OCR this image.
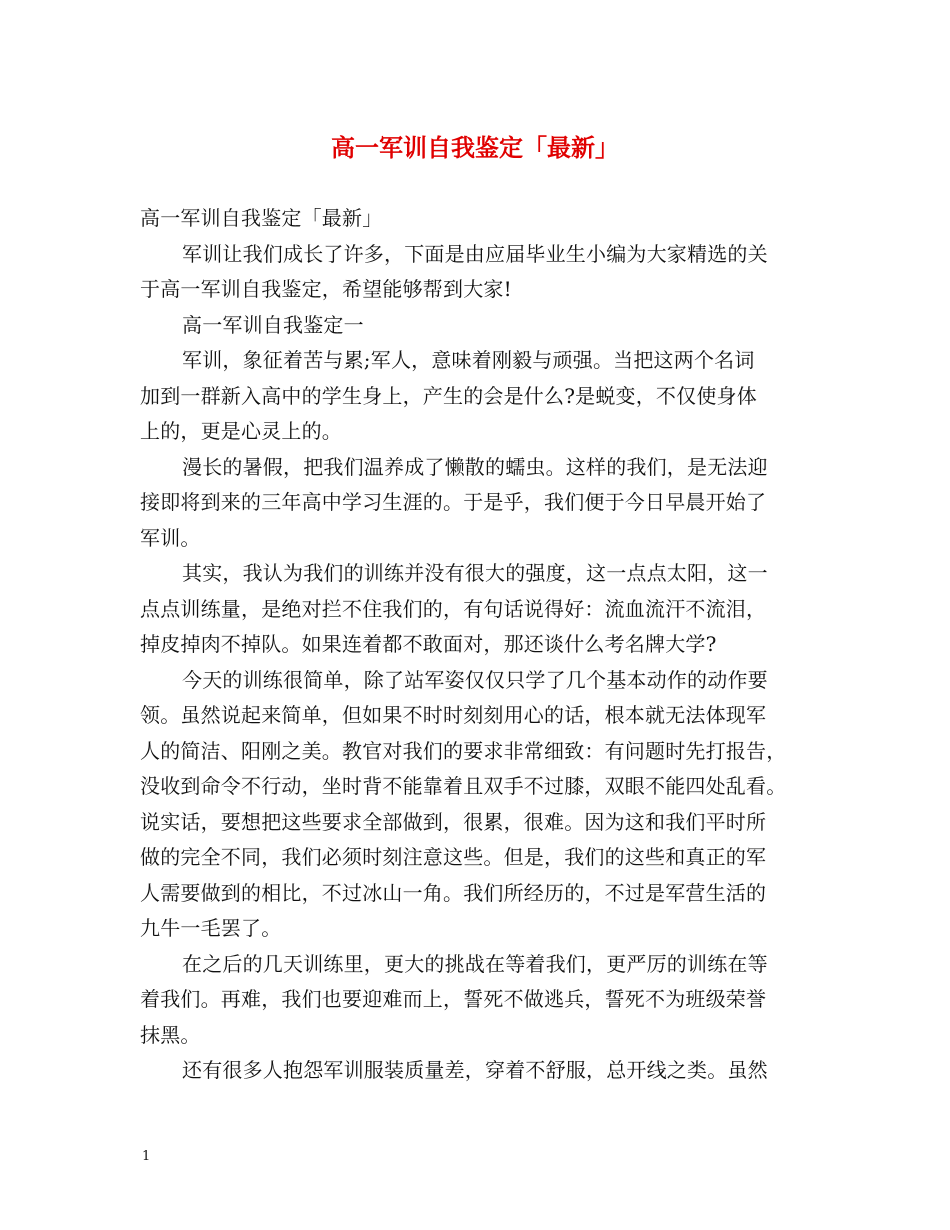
高一军训自我鉴定「最新」

高一军训自我鉴定「最新」

军训让我们成长了许多，下面是由应届毕业生小编为大家精选的关
于高一军训自我鉴定，希望能够帮到大家!

高一军训自我鉴定一

军训，象征着苦与累;军人，意味着刚毅与顽强。当把这两个名词
加到一群新入高中的学生身上，产生的会是什么?是蜕变，不仅使身体
上的，更是心灵上的。

漫长的暑假，把我们温养成了懒散的蠕虫。这样的我们，是无法迎
接即将到来的三年高中学习生涯的。于是乎，我们便于今日早晨开始了
军训。

其实，我认为我们的训练并没有很大的强度，这一点点太阳，这一
点点训练量，是绝对拦不住我们的，有句话说得好：流血流汗不流泪，
掉皮掉肉不掉队。如果连着都不敢面对，那还谈什么考名牌大学?

今天的训练很简单，除了站军姿仅仅只学了几个基本动作的动作要
领。虽然说起来简单，但如果不时时刻刻用心的话，根本就无法体现军
人的简洁、阳刚之美。教官对我们的要求非常细致：有问题时先打报告，
没收到命令不行动，坐时背不能靠着且双手不过膝，双眼不能四处乱看。
说实话，要想把这些要求全部做到，很累，很难。因为这和我们平时所
做的完全不同，我们必须时刻注意这些。但是，我们的这些和真正的军
人需要做到的相比，不过冰山一角。我们所经历的，不过是军营生活的
九牛一毛罢了。

在之后的几天训练里，更大的挑战在等着我们，更严厉的训练在等
着我们。再难，我们也要迎难而上，誓死不做逃兵，誓死不为班级荣誉
抹黑。

还有很多人抱怨军训服装质量差，穿着不舒服，总开线之类。虽然

1
